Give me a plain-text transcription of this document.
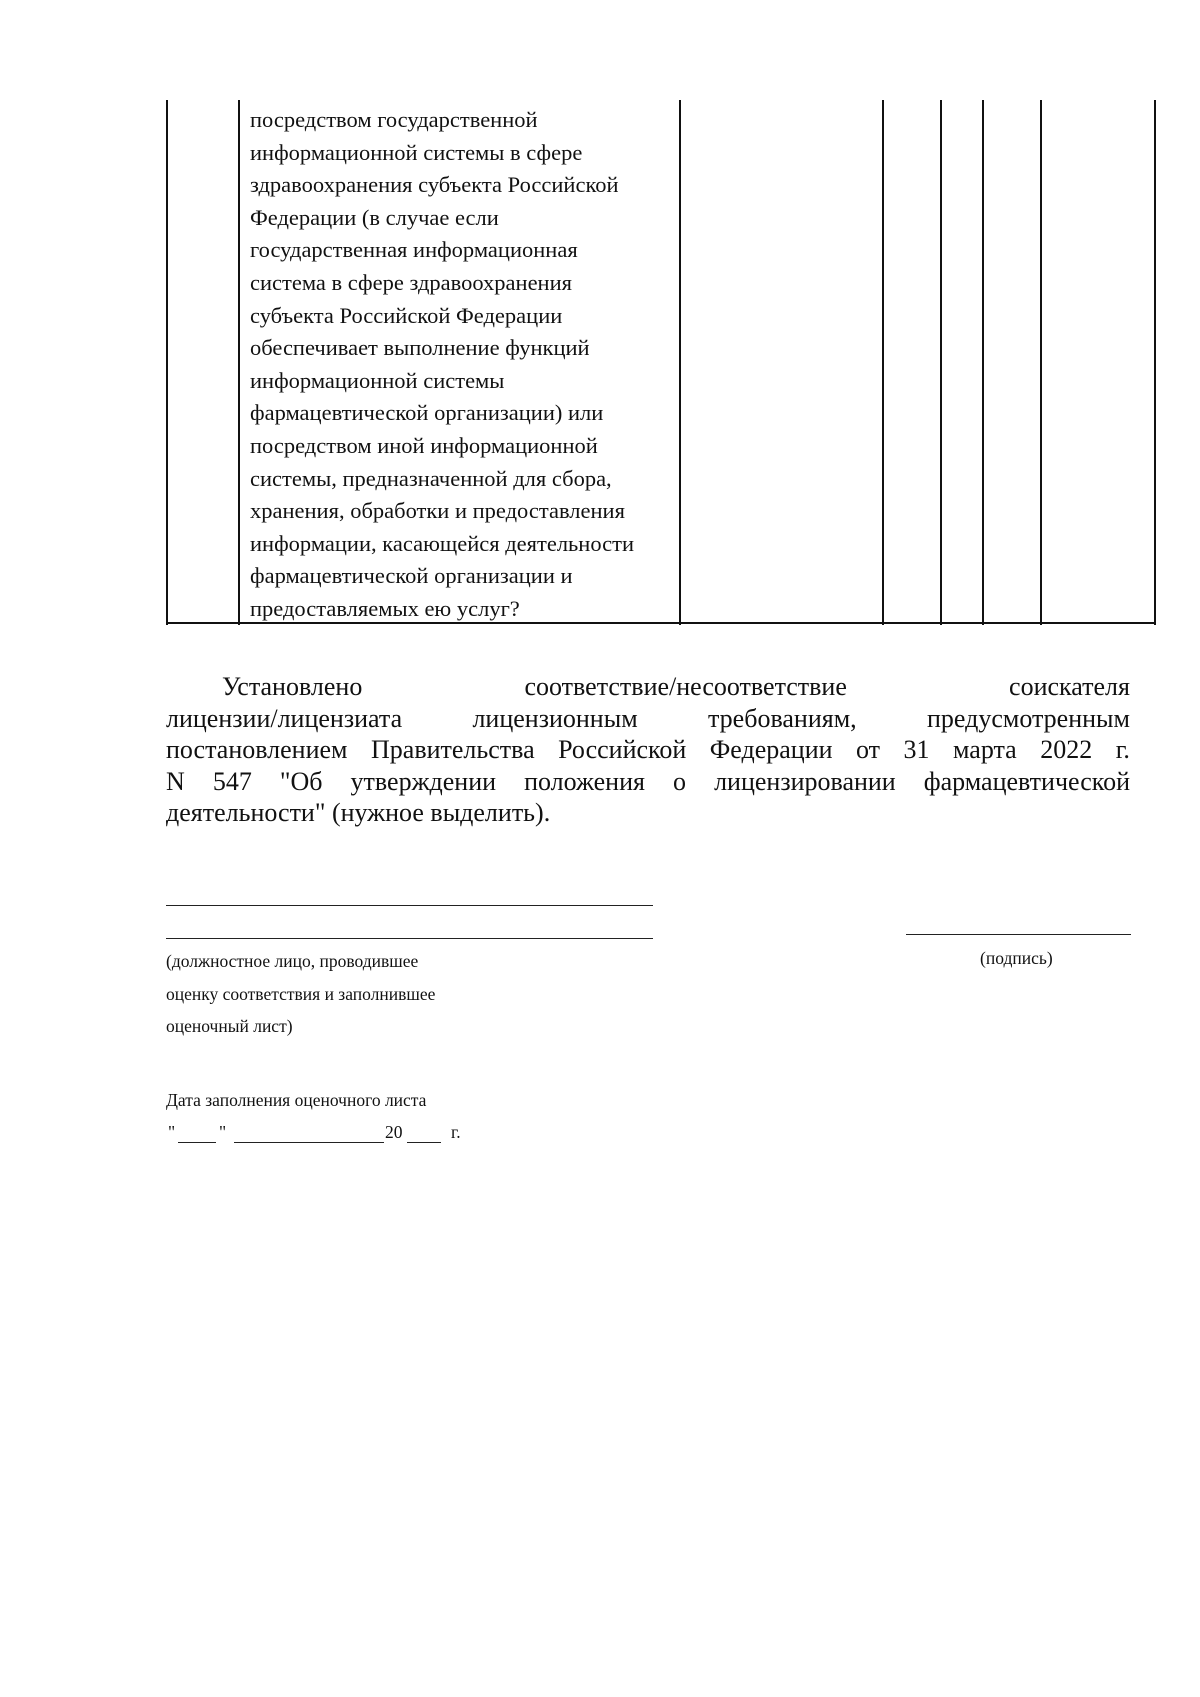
посредством государственной
информационной системы в сфере
здравоохранения субъекта Российской
Федерации (в случае если
государственная информационная
система в сфере здравоохранения
субъекта Российской Федерации
обеспечивает выполнение функций
информационной системы
фармацевтической организации) или
посредством иной информационной
системы, предназначенной для сбора,
хранения, обработки и предоставления
информации, касающейся деятельности
фармацевтической организации и
предоставляемых ею услуг?

Установлено	соответствие/несоответствие	соискателя
лицензии/лицензиата	лицензионным	требованиям,	предусмотренным
постановлением Правительства Российской Федерации от 31 марта 2022 г.
N 547 "Об утверждении положения о лицензировании фармацевтической
деятельности" (нужное выделить).

(должностное лицо, проводившее

оценку соответствия и заполнившее

оценочный лист)

(подпись)

Дата заполнения оценочного листа

"	"	20	г.
